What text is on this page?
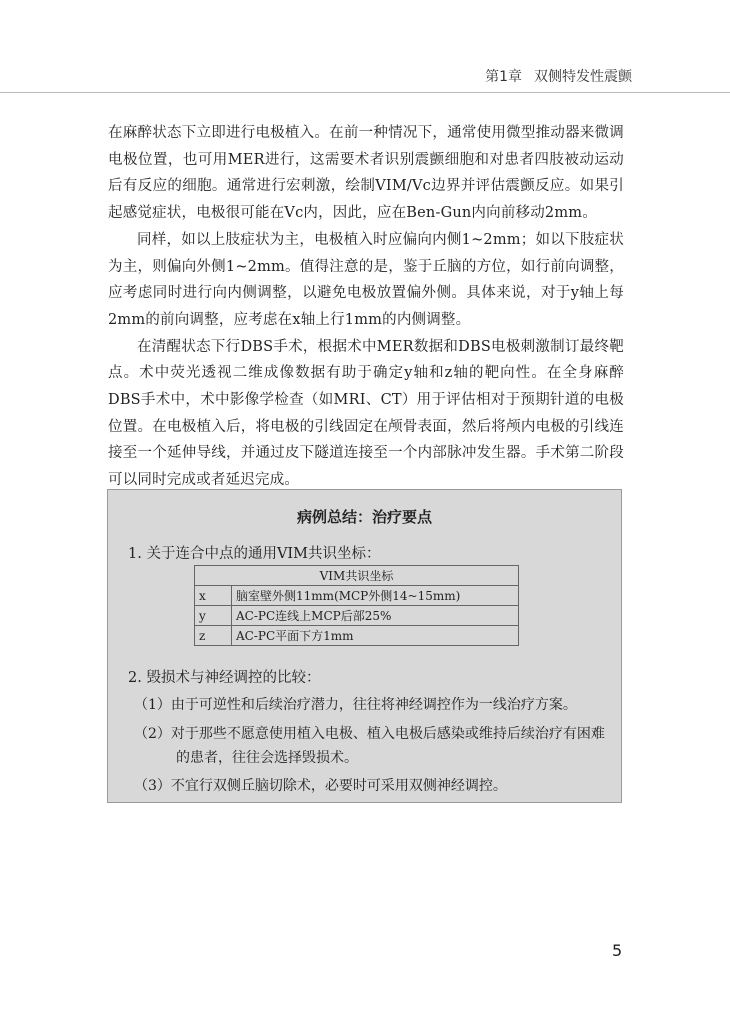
第1章 双侧特发性震颤

在麻醉状态下立即进行电极植入。在前一种情况下，通常使用微型推动器来微调电极位置，也可用MER进行，这需要术者识别震颤细胞和对患者四肢被动运动后有反应的细胞。通常进行宏刺激，绘制VIM/Vc边界并评估震颤反应。如果引起感觉症状，电极很可能在Vc内，因此，应在Ben-Gun内向前移动2mm。

同样，如以上肢症状为主，电极植入时应偏向内侧1~2mm；如以下肢症状为主，则偏向外侧1~2mm。值得注意的是，鉴于丘脑的方位，如行前向调整，应考虑同时进行向内侧调整，以避免电极放置偏外侧。具体来说，对于y轴上每2mm的前向调整，应考虑在x轴上行1mm的内侧调整。

在清醒状态下行DBS手术，根据术中MER数据和DBS电极刺激制订最终靶点。术中荧光透视二维成像数据有助于确定y轴和z轴的靶向性。在全身麻醉DBS手术中，术中影像学检查（如MRI、CT）用于评估相对于预期针道的电极位置。在电极植入后，将电极的引线固定在颅骨表面，然后将颅内电极的引线连接至一个延伸导线，并通过皮下隧道连接至一个内部脉冲发生器。手术第二阶段可以同时完成或者延迟完成。

病例总结：治疗要点
1. 关于连合中点的通用VIM共识坐标：
VIM共识坐标	
x	脑室壁外侧11mm(MCP外侧14~15mm)
y	AC-PC连线上MCP后部25%
z	AC-PC平面下方1mm
2. 毁损术与神经调控的比较：
（1）由于可逆性和后续治疗潜力，往往将神经调控作为一线治疗方案。
（2）对于那些不愿意使用植入电极、植入电极后感染或维持后续治疗有困难
的患者，往往会选择毁损术。
（3）不宜行双侧丘脑切除术，必要时可采用双侧神经调控。
5
